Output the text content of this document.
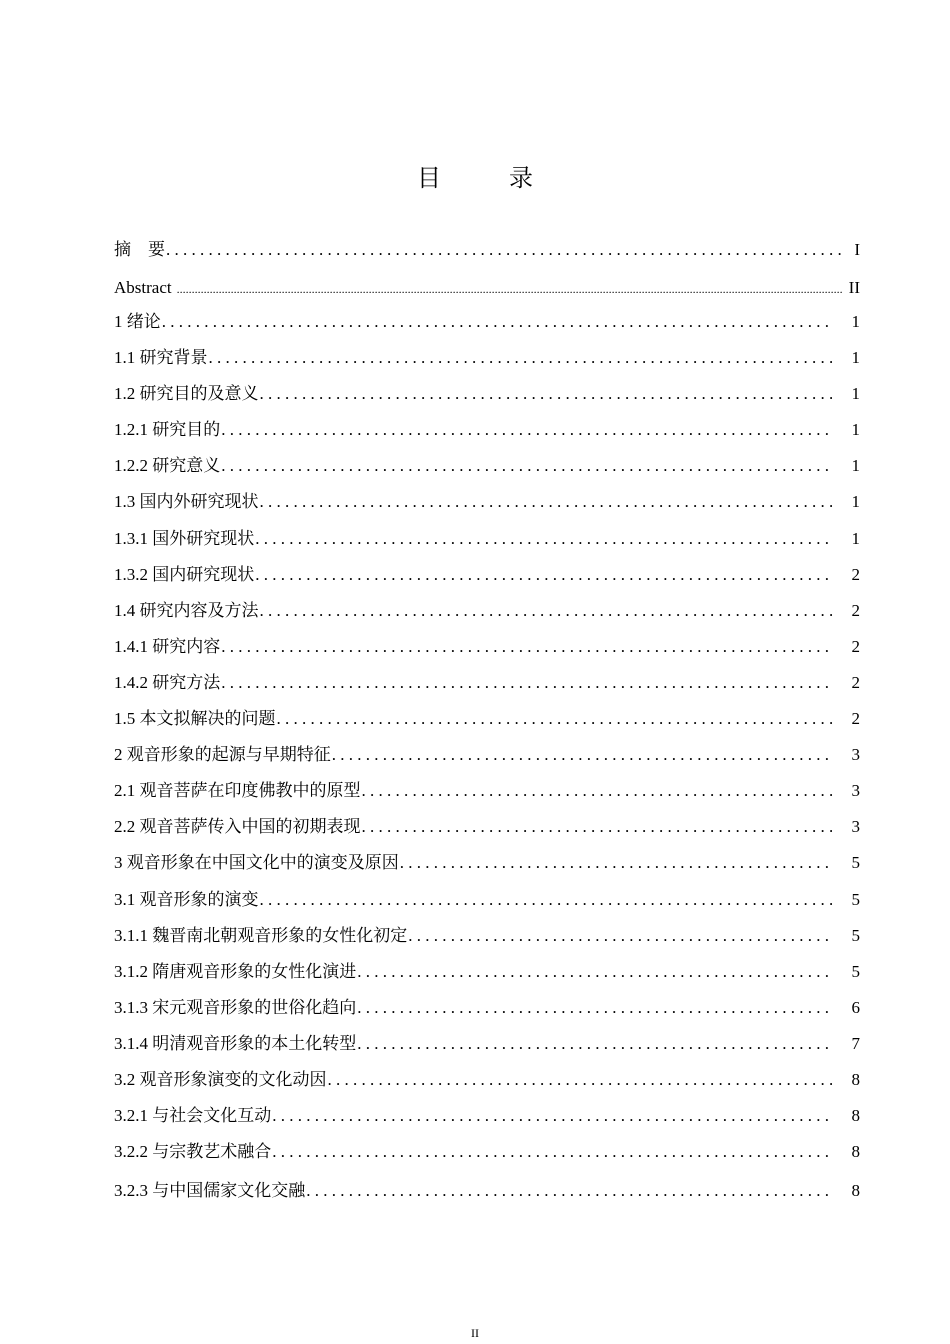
目　录
摘　要 . . .	I
Abstract .....	II
1 绪论 . . .	1
1.1 研究背景 . . .	1
1.2 研究目的及意义 . . .	1
1.2.1 研究目的 . . .	1
1.2.2 研究意义 . . .	1
1.3 国内外研究现状 . . .	1
1.3.1 国外研究现状 . . .	1
1.3.2 国内研究现状 . . .	2
1.4 研究内容及方法 . . .	2
1.4.1 研究内容 . . .	2
1.4.2 研究方法 . . .	2
1.5 本文拟解决的问题 . . .	2
2 观音形象的起源与早期特征 . . .	3
2.1 观音菩萨在印度佛教中的原型 . . .	3
2.2 观音菩萨传入中国的初期表现 . . .	3
3 观音形象在中国文化中的演变及原因 . . .	5
3.1 观音形象的演变 . . .	5
3.1.1 魏晋南北朝观音形象的女性化初定 . . .	5
3.1.2 隋唐观音形象的女性化演进 . . .	5
3.1.3 宋元观音形象的世俗化趋向 . . .	6
3.1.4 明清观音形象的本土化转型 . . .	7
3.2 观音形象演变的文化动因 . . .	8
3.2.1 与社会文化互动 . . .	8
3.2.2 与宗教艺术融合 . . .	8
3.2.3 与中国儒家文化交融 . . .	8
II
